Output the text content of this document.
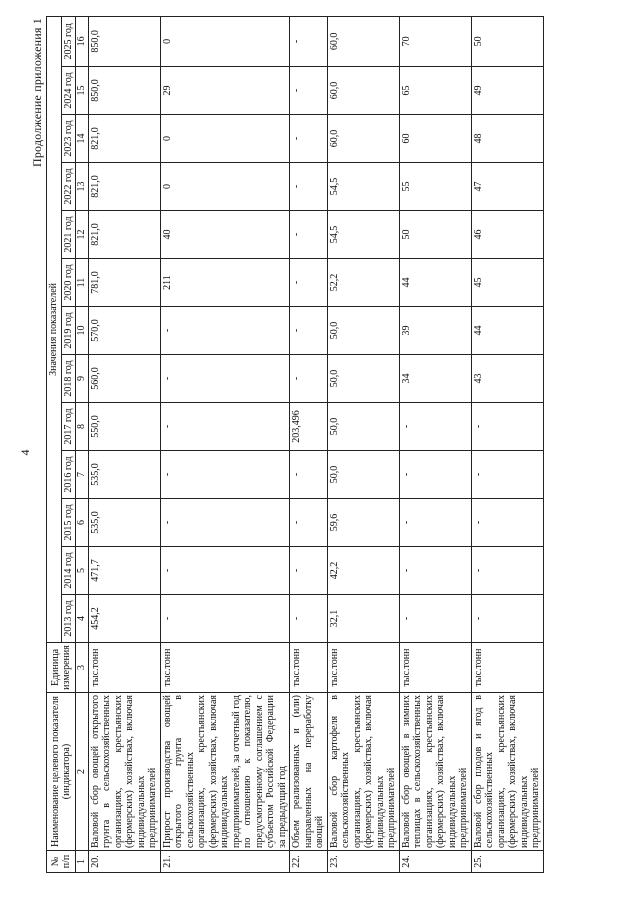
4
Продолжение приложения 1
№ п/п	Наименование целевого показателя (индикатора)	Единица измерения	Значения показателей												
			2013 год	2014 год	2015 год	2016 год	2017 год	2018 год	2019 год	2020 год	2021 год	2022 год	2023 год	2024 год	2025 год
1	2	3	4	5	6	7	8	9	10	11	12	13	14	15	16
20.	Валовой сбор овощей открытого грунта в сельскохозяйственных организациях, крестьянских (фермерских) хозяйствах, включая индивидуальных предпринимателей	тыс.тонн	454,2	471,7	535,0	535,0	550,0	560,0	570,0	781,0	821,0	821,0	821,0	850,0	850,0
21.	Прирост производства овощей открытого грунта в сельскохозяйственных организациях, крестьянских (фермерских) хозяйствах, включая индивидуальных предпринимателей, за отчетный год по отношению к показателю, предусмотренному соглашением с субъектом Российской Федерации за предыдущий год	тыс.тонн	-	-	-	-	-	-	-	211	40	0	0	29	0
22.	Объем реализованных и (или) направленных на переработку овощей	тыс.тонн	-	-	-	-	203,496	-	-	-	-	-	-	-	-
23.	Валовой сбор картофеля в сельскохозяйственных организациях, крестьянских (фермерских) хозяйствах, включая индивидуальных предпринимателей	тыс.тонн	32,1	42,2	59,6	50,0	50,0	50,0	50,0	52,2	54,5	54,5	60,0	60,0	60,0
24.	Валовой сбор овощей в зимних теплицах в сельскохозяйственных организациях, крестьянских (фермерских) хозяйствах, включая индивидуальных предпринимателей	тыс.тонн	-	-	-	-	-	34	39	44	50	55	60	65	70
25.	Валовой сбор плодов и ягод в сельскохозяйственных организациях, крестьянских (фермерских) хозяйствах, включая индивидуальных предпринимателей	тыс.тонн	-	-	-	-	-	43	44	45	46	47	48	49	50
